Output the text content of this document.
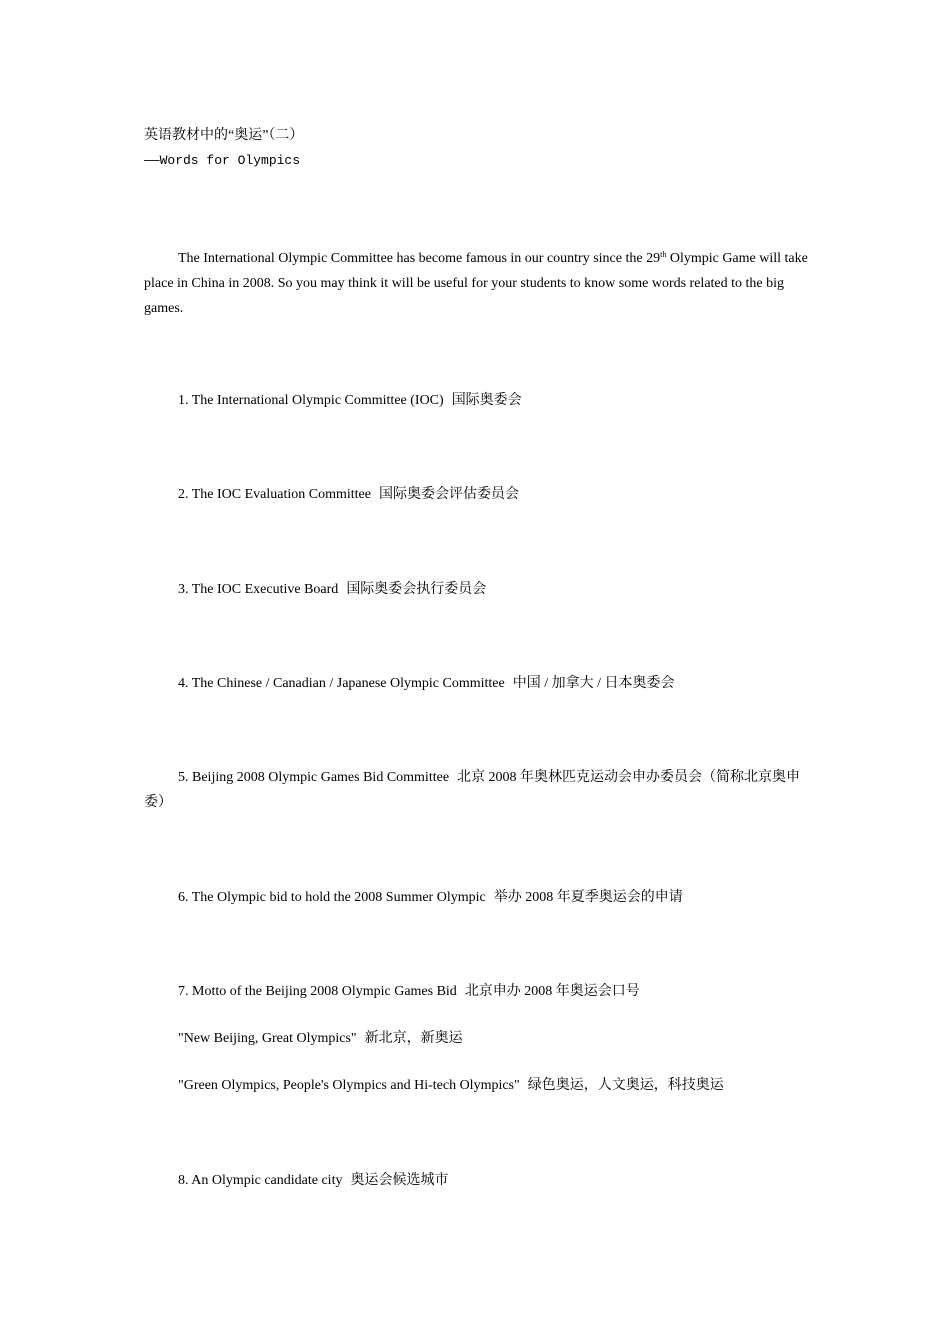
英语教材中的“奥运”（二）
——Words for Olympics

The International Olympic Committee has become famous in our country since the 29th Olympic Game will take place in China in 2008. So you may think it will be useful for your students to know some words related to the big games.

1. The International Olympic Committee (IOC) 国际奥委会
2. The IOC Evaluation Committee 国际奥委会评估委员会
3. The IOC Executive Board 国际奥委会执行委员会
4. The Chinese / Canadian / Japanese Olympic Committee 中国 / 加拿大 / 日本奥委会
5. Beijing 2008 Olympic Games Bid Committee 北京 2008 年奥林匹克运动会申办委员会（简称北京奥申委）
6. The Olympic bid to hold the 2008 Summer Olympic 举办 2008 年夏季奥运会的申请
7. Motto of the Beijing 2008 Olympic Games Bid 北京申办 2008 年奥运会口号
"New Beijing, Great Olympics" 新北京，新奥运
"Green Olympics, People's Olympics and Hi-tech Olympics" 绿色奥运，人文奥运，科技奥运
8. An Olympic candidate city 奥运会候选城市
